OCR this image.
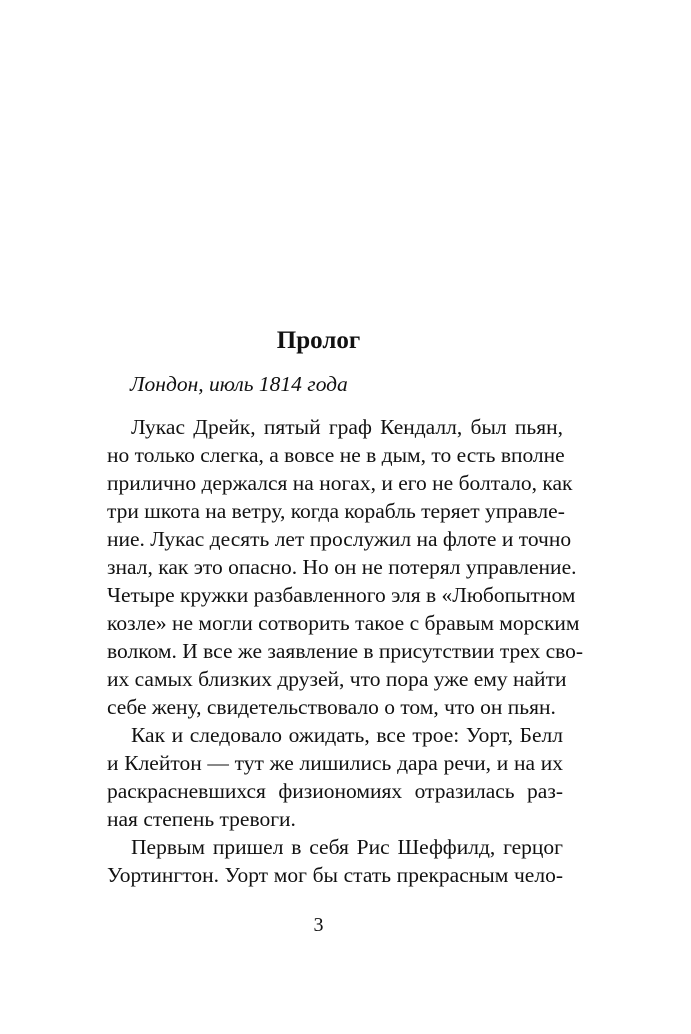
Пролог
Лондон, июль 1814 года
Лукас Дрейк, пятый граф Кендалл, был пьян,
но только слегка, а вовсе не в дым, то есть вполне
прилично держался на ногах, и его не болтало, как
три шкота на ветру, когда корабль теряет управле-
ние. Лукас десять лет прослужил на флоте и точно
знал, как это опасно. Но он не потерял управление.
Четыре кружки разбавленного эля в «Любопытном
козле» не могли сотворить такое с бравым морским
волком. И все же заявление в присутствии трех сво-
их самых близких друзей, что пора уже ему найти
себе жену, свидетельствовало о том, что он пьян.
Как и следовало ожидать, все трое: Уорт, Белл
и Клейтон — тут же лишились дара речи, и на их
раскрасневшихся физиономиях отразилась раз-
ная степень тревоги.
Первым пришел в себя Рис Шеффилд, герцог
Уортингтон. Уорт мог бы стать прекрасным чело-
3
